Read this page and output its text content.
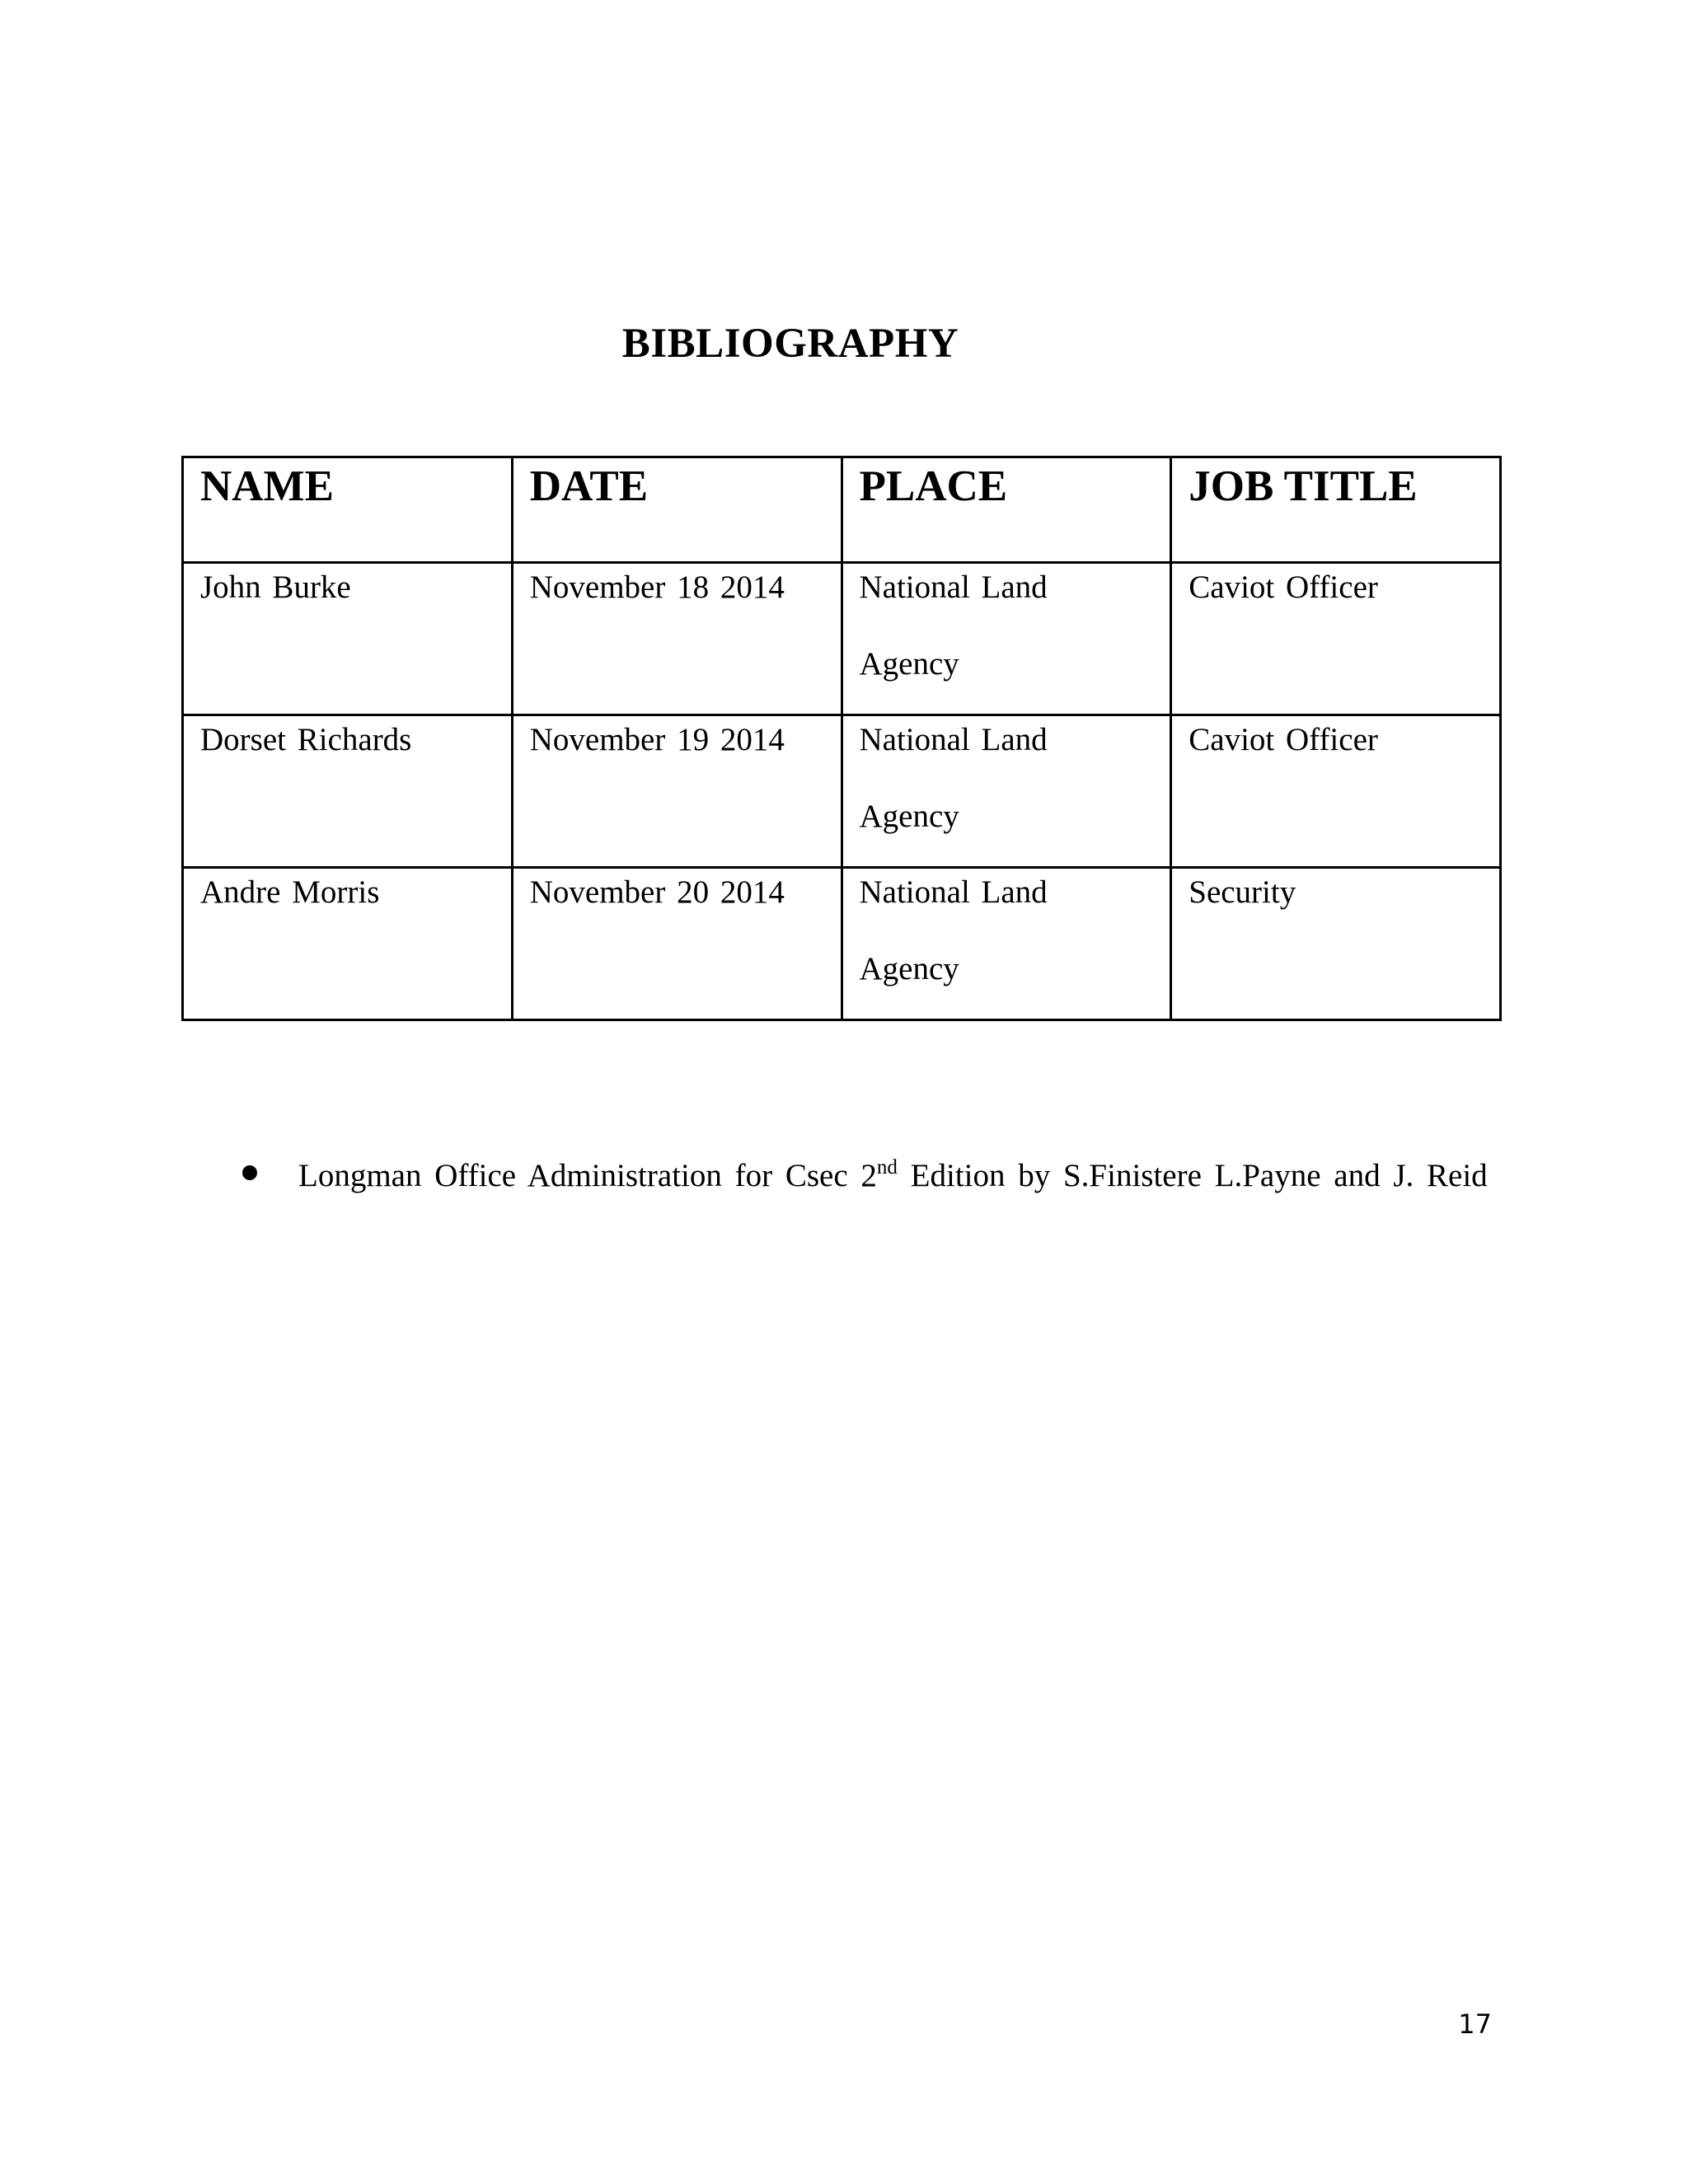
BIBLIOGRAPHY
NAME	DATE	PLACE	JOB TITLE

John Burke	November 18 2014	National Land Agency	Caviot Officer

Dorset Richards	November 19 2014	National Land Agency	Caviot Officer

Andre Morris	November 20 2014	National Land Agency	Security
Longman Office Administration for Csec 2nd Edition by S.Finistere L.Payne and J. Reid
17
